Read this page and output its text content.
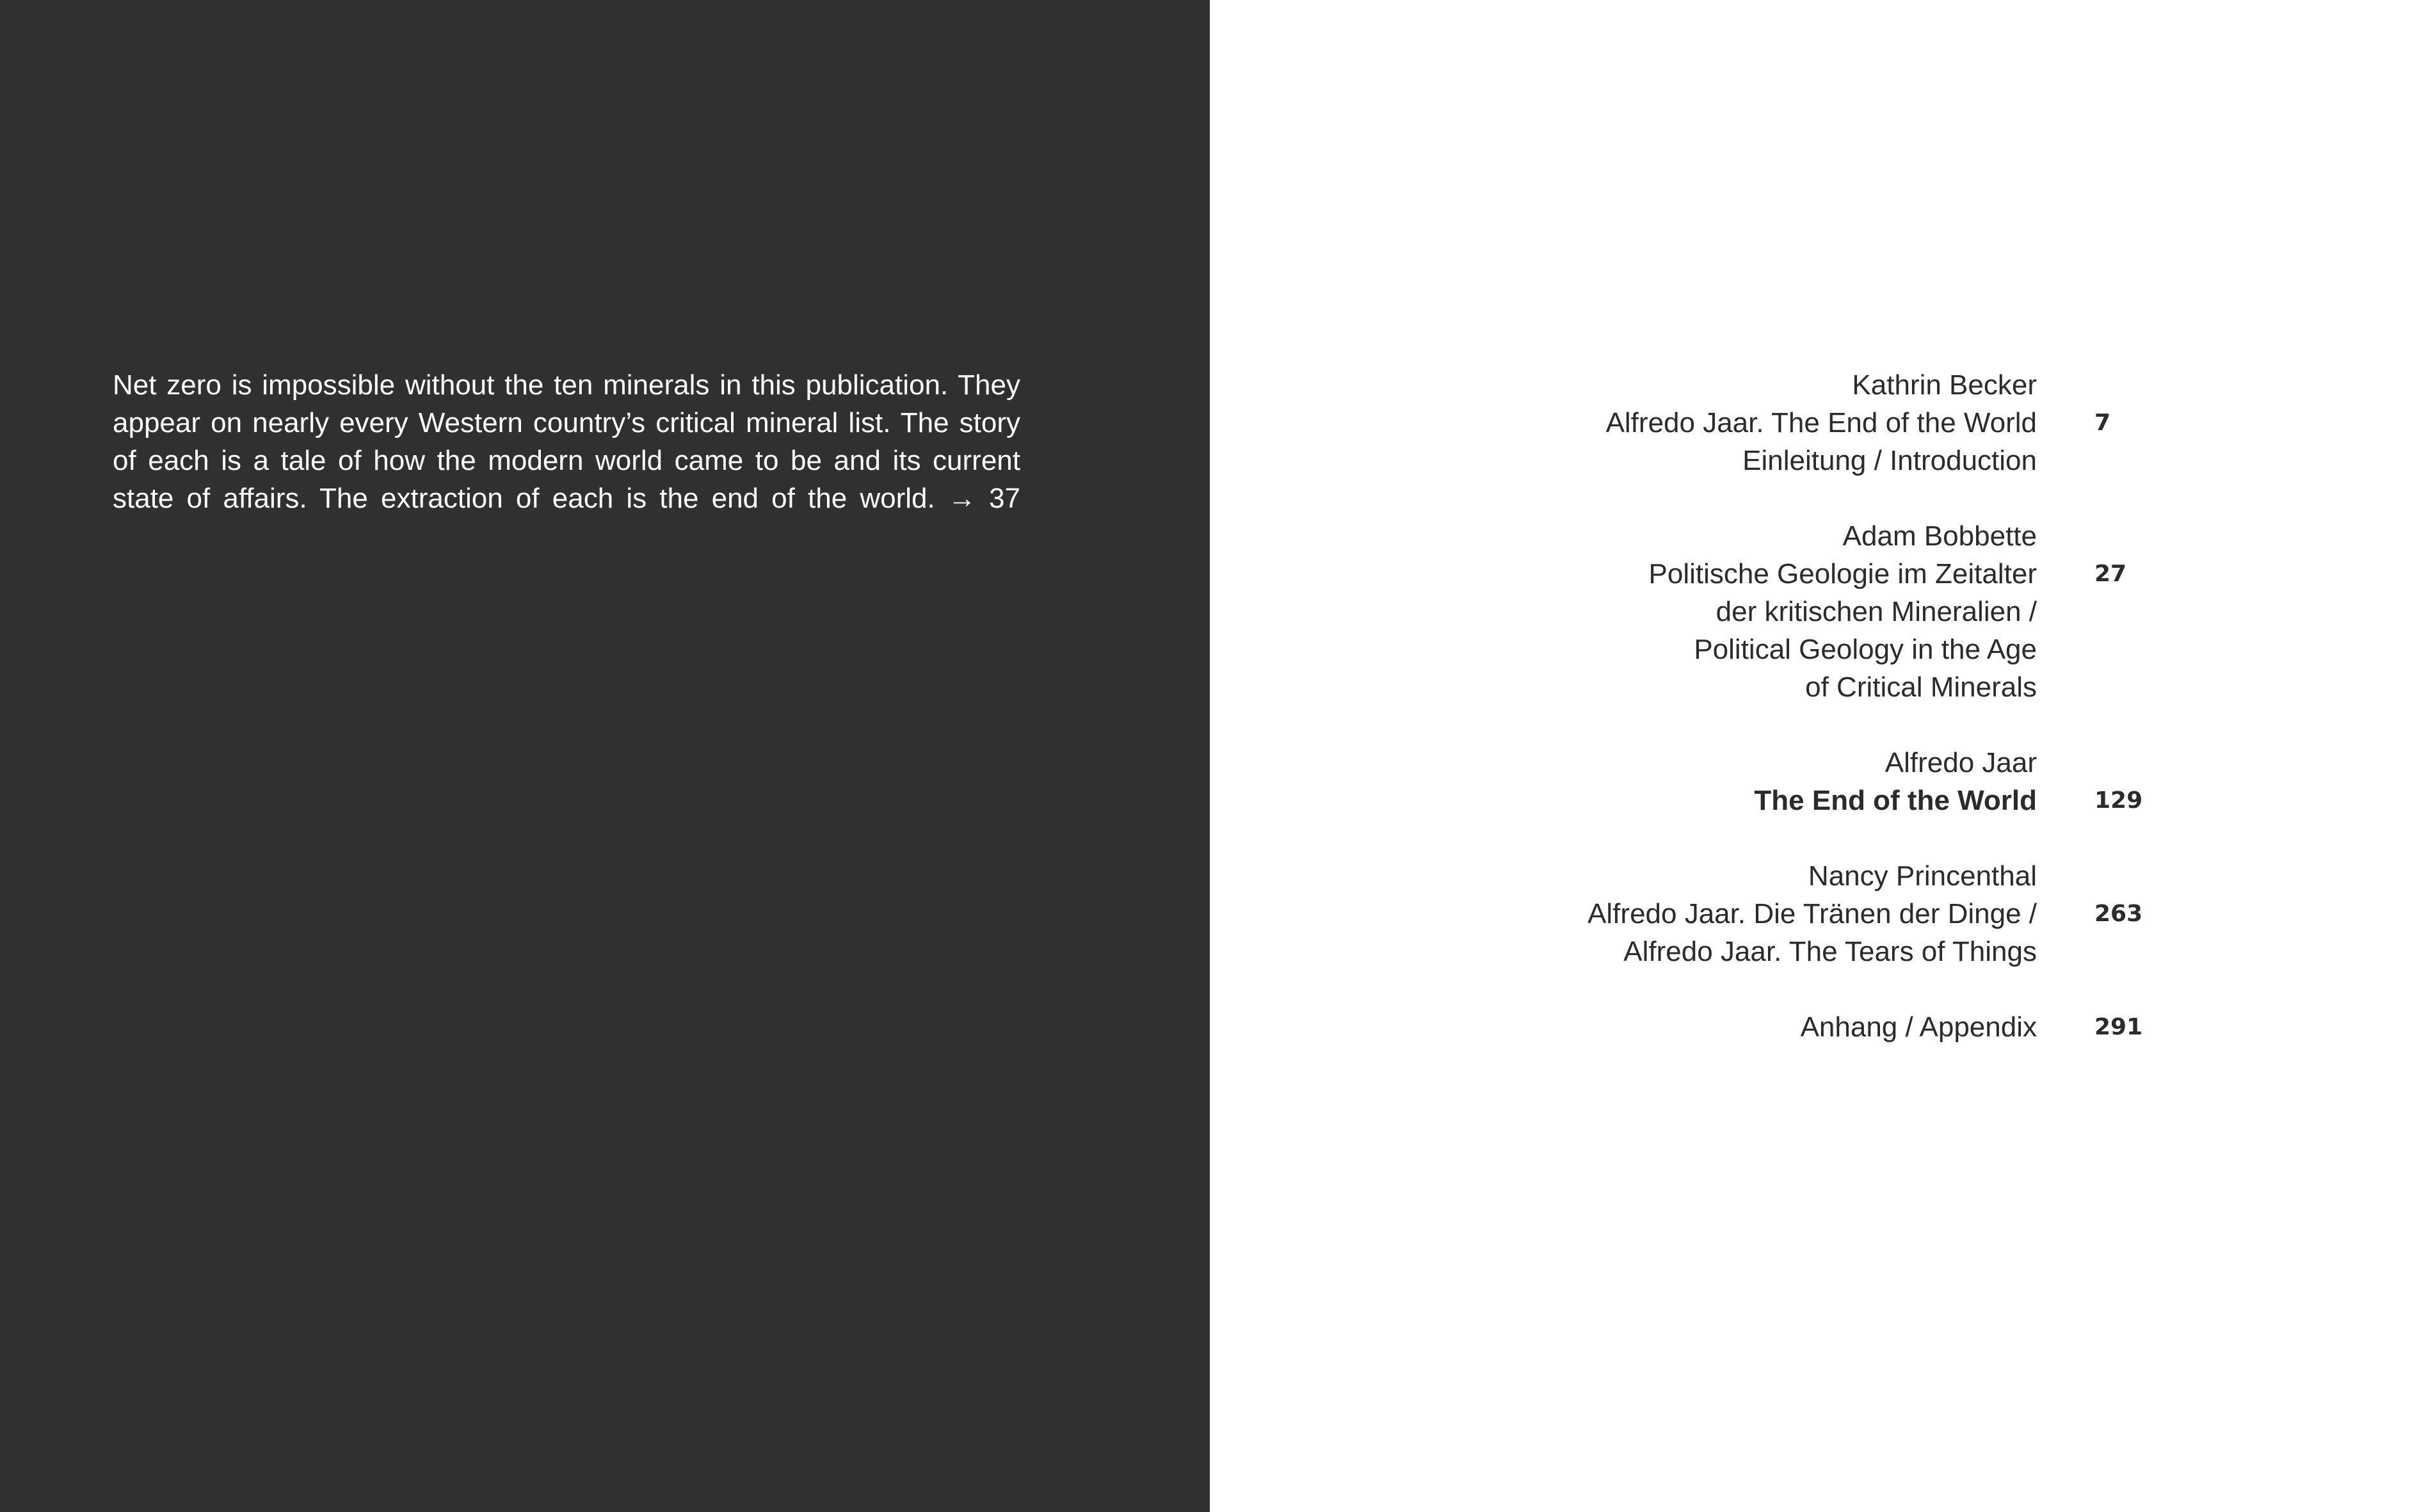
Net zero is impossible without the ten minerals in this publication. They appear on nearly every Western country’s critical mineral list. The story of each is a tale of how the modern world came to be and its current state of affairs. The extraction of each is the end of the world. → 37

Kathrin Becker
Alfredo Jaar. The End of the World
Einleitung / Introduction
7
Adam Bobbette
Politische Geologie im Zeitalter
der kritischen Mineralien /
Political Geology in the Age
of Critical Minerals
27
Alfredo Jaar
The End of the World	129
Nancy Princenthal
Alfredo Jaar. Die Tränen der Dinge /
Alfredo Jaar. The Tears of Things
263
Anhang / Appendix	291
